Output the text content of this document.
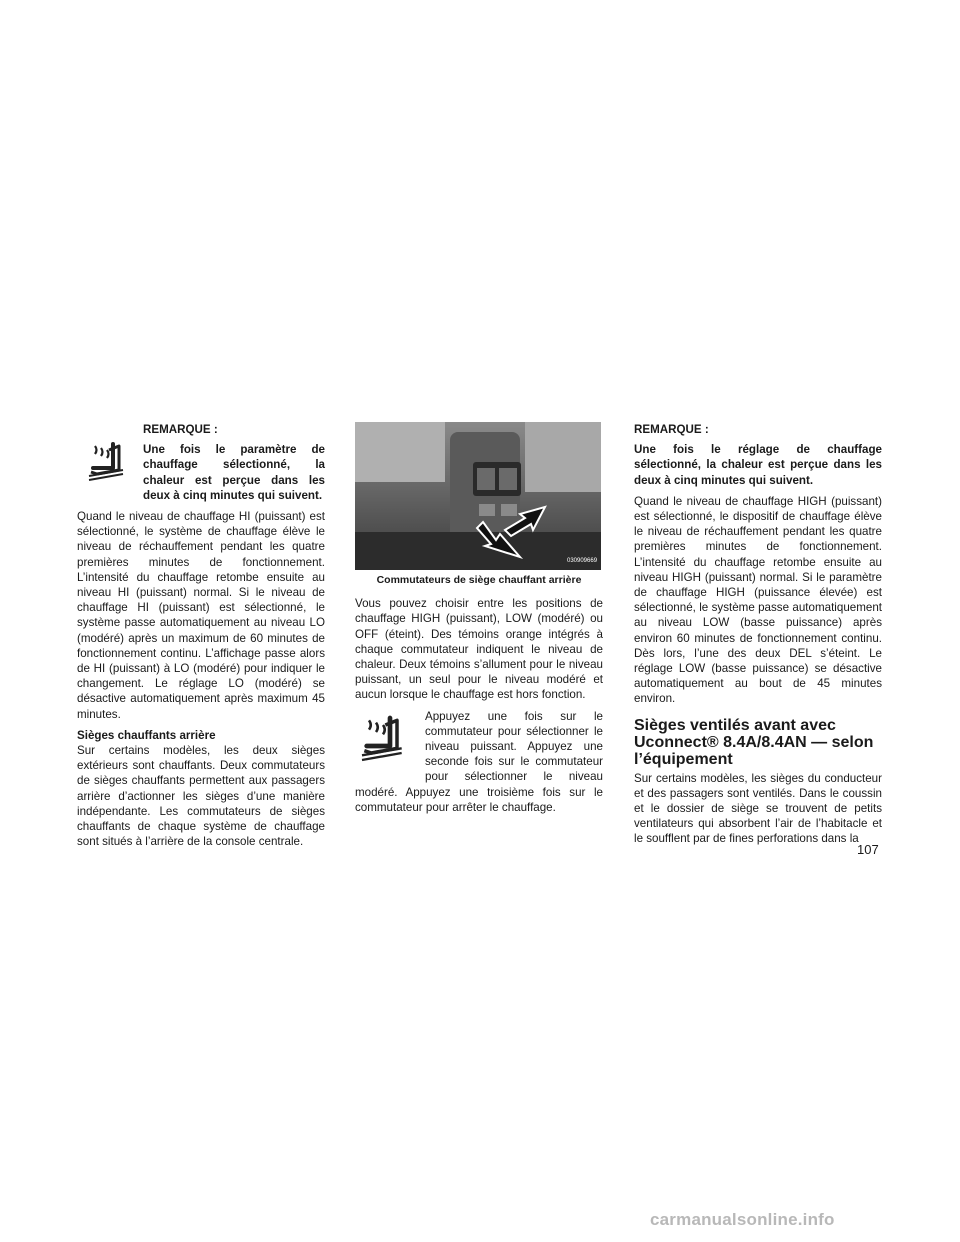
REMARQUE :
Une fois le paramètre de chauffage sélectionné, la chaleur est perçue dans les deux à cinq minutes qui suivent.

Quand le niveau de chauffage HI (puissant) est sélectionné, le système de chauffage élève le niveau de réchauffement pendant les quatre premières minutes de fonctionnement. L’intensité du chauffage retombe ensuite au niveau HI (puissant) normal. Si le niveau de chauffage HI (puissant) est sélectionné, le système passe automatiquement au niveau LO (modéré) après un maximum de 60 minutes de fonctionnement continu. L’affichage passe alors de HI (puissant) à LO (modéré) pour indiquer le changement. Le réglage LO (modéré) se désactive automatiquement après maximum 45 minutes.

Sièges chauffants arrière

Sur certains modèles, les deux sièges extérieurs sont chauffants. Deux commutateurs de sièges chauffants permettent aux passagers arrière d’actionner les sièges d’une manière indépendante. Les commutateurs de sièges chauffants de chaque système de chauffage sont situés à l’arrière de la console centrale.

030909669
Commutateurs de siège chauffant arrière

Vous pouvez choisir entre les positions de chauffage HIGH (puissant), LOW (modéré) ou OFF (éteint). Des témoins orange intégrés à chaque commutateur indiquent le niveau de chaleur. Deux témoins s’allument pour le niveau puissant, un seul pour le niveau modéré et aucun lorsque le chauffage est hors fonction.

Appuyez une fois sur le commutateur pour sélectionner le niveau puissant. Appuyez une seconde fois sur le commutateur pour sélectionner le niveau modéré. Appuyez une troisième fois sur le commutateur pour arrêter le chauffage.

REMARQUE :

Une fois le réglage de chauffage sélectionné, la chaleur est perçue dans les deux à cinq minutes qui suivent.

Quand le niveau de chauffage HIGH (puissant) est sélectionné, le dispositif de chauffage élève le niveau de réchauffement pendant les quatre premières minutes de fonctionnement. L’intensité du chauffage retombe ensuite au niveau HIGH (puissant) normal. Si le paramètre de chauffage HIGH (puissance élevée) est sélectionné, le système passe automatiquement au niveau LOW (basse puissance) après environ 60 minutes de fonctionnement continu. Dès lors, l’une des deux DEL s’éteint. Le réglage LOW (basse puissance) se désactive automatiquement au bout de 45 minutes environ.

Sièges ventilés avant avec Uconnect® 8.4A/8.4AN — selon l’équipement

Sur certains modèles, les sièges du conducteur et des passagers sont ventilés. Dans le coussin et le dossier de siège se trouvent de petits ventilateurs qui absorbent l’air de l’habitacle et le soufflent par de fines perforations dans la

107
carmanualsonline.info
